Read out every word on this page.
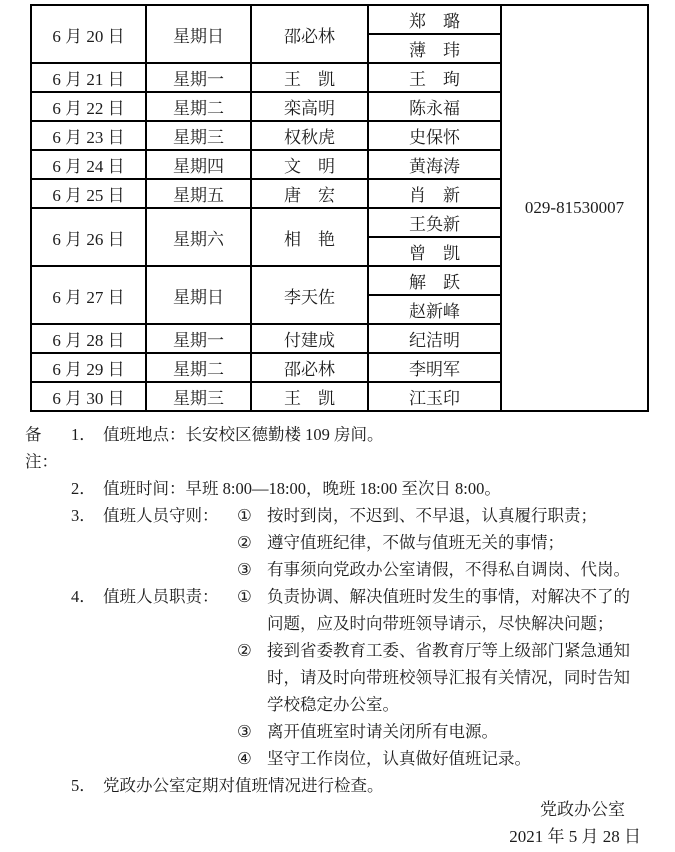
6 月 20 日	星期日	邵必林	郑　璐	029-81530007
			薄　玮	
6 月 21 日	星期一	王　凯	王　珣	
6 月 22 日	星期二	栾高明	陈永福	
6 月 23 日	星期三	权秋虎	史保怀	
6 月 24 日	星期四	文　明	黄海涛	
6 月 25 日	星期五	唐　宏	肖　新	
6 月 26 日	星期六	相　艳	王奂新	
			曾　凯	
6 月 27 日	星期日	李天佐	解　跃	
			赵新峰	
6 月 28 日	星期一	付建成	纪洁明	
6 月 29 日	星期二	邵必林	李明军	
6 月 30 日	星期三	王　凯	江玉印	
备注：
1． 值班地点：长安校区德勤楼 109 房间。
2． 值班时间：早班 8:00—18:00，晚班 18:00 至次日 8:00。
3． 值班人员守则：	① 按时到岗，不迟到、不早退，认真履行职责；
② 遵守值班纪律，不做与值班无关的事情；
③ 有事须向党政办公室请假，不得私自调岗、代岗。
4． 值班人员职责：	① 负责协调、解决值班时发生的事情，对解决不了的问题，应及时向带班领导请示，尽快解决问题；
② 接到省委教育工委、省教育厅等上级部门紧急通知时，请及时向带班校领导汇报有关情况，同时告知学校稳定办公室。
③ 离开值班室时请关闭所有电源。
④ 坚守工作岗位，认真做好值班记录。
5． 党政办公室定期对值班情况进行检查。
党政办公室
2021 年 5 月 28 日
